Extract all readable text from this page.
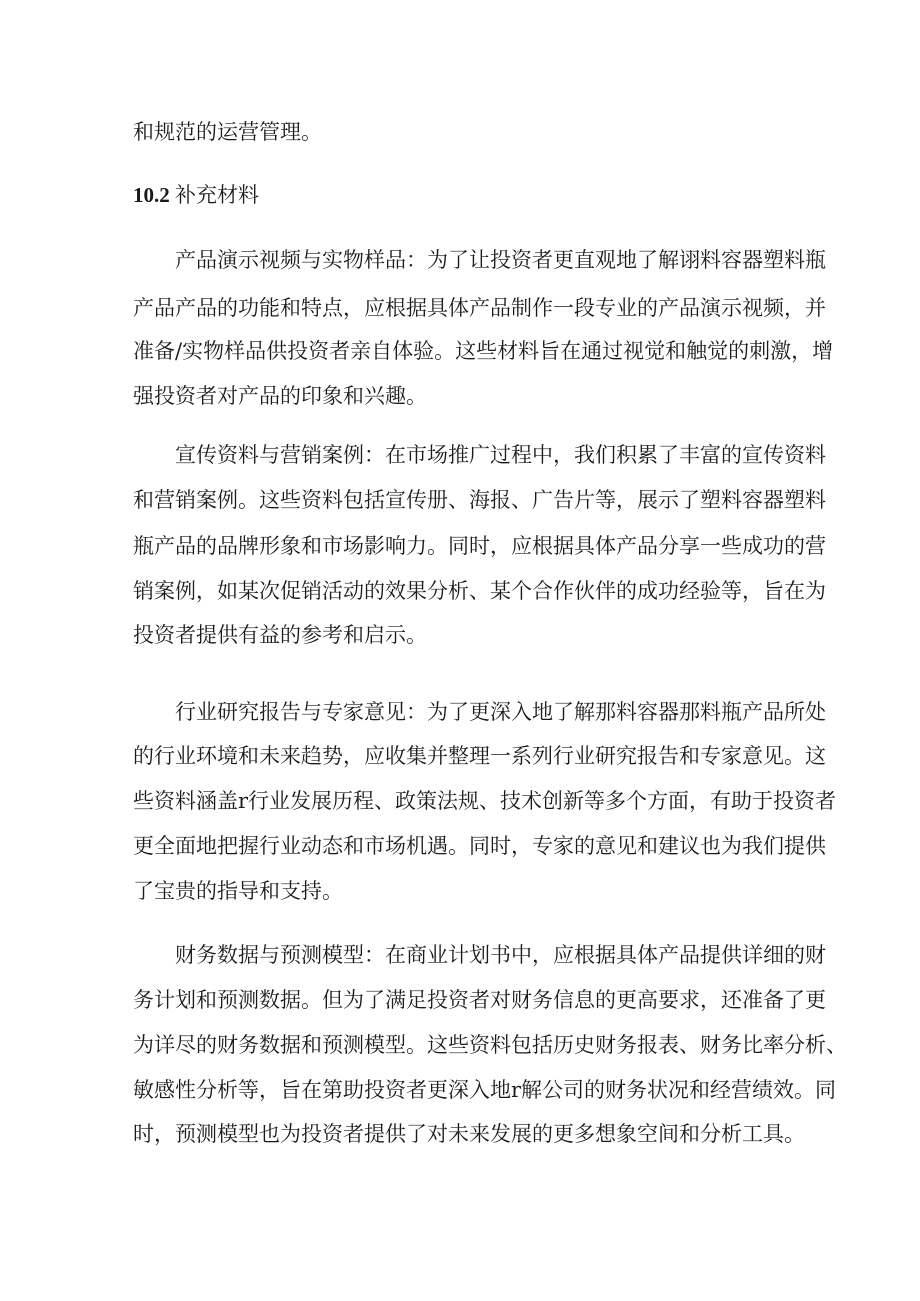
和规范的运营管理。

10.2 补充材料

产品演示视频与实物样品：为了让投资者更直观地了解诩料容器塑料瓶

产品产品的功能和特点，应根据具体产品制作一段专业的产品演示视频，并

准备/实物样品供投资者亲自体验。这些材料旨在通过视觉和触觉的刺激，增

强投资者对产品的印象和兴趣。

宣传资料与营销案例：在市场推广过程中，我们积累了丰富的宣传资料

和营销案例。这些资料包括宣传册、海报、广告片等，展示了塑料容器塑料

瓶产品的品牌形象和市场影响力。同时，应根据具体产品分享一些成功的营

销案例，如某次促销活动的效果分析、某个合作伙伴的成功经验等，旨在为

投资者提供有益的参考和启示。

行业研究报告与专家意见：为了更深入地了解那料容器那料瓶产品所处

的行业环境和未来趋势，应收集并整理一系列行业研究报告和专家意见。这

些资料涵盖r行业发展历程、政策法规、技术创新等多个方面，有助于投资者

更全面地把握行业动态和市场机遇。同时，专家的意见和建议也为我们提供

了宝贵的指导和支持。

财务数据与预测模型：在商业计划书中，应根据具体产品提供详细的财

务计划和预测数据。但为了满足投资者对财务信息的更高要求，还准备了更

为详尽的财务数据和预测模型。这些资料包括历史财务报表、财务比率分析、

敏感性分析等，旨在第助投资者更深入地r解公司的财务状况和经营绩效。同

时，预测模型也为投资者提供了对未来发展的更多想象空间和分析工具。
